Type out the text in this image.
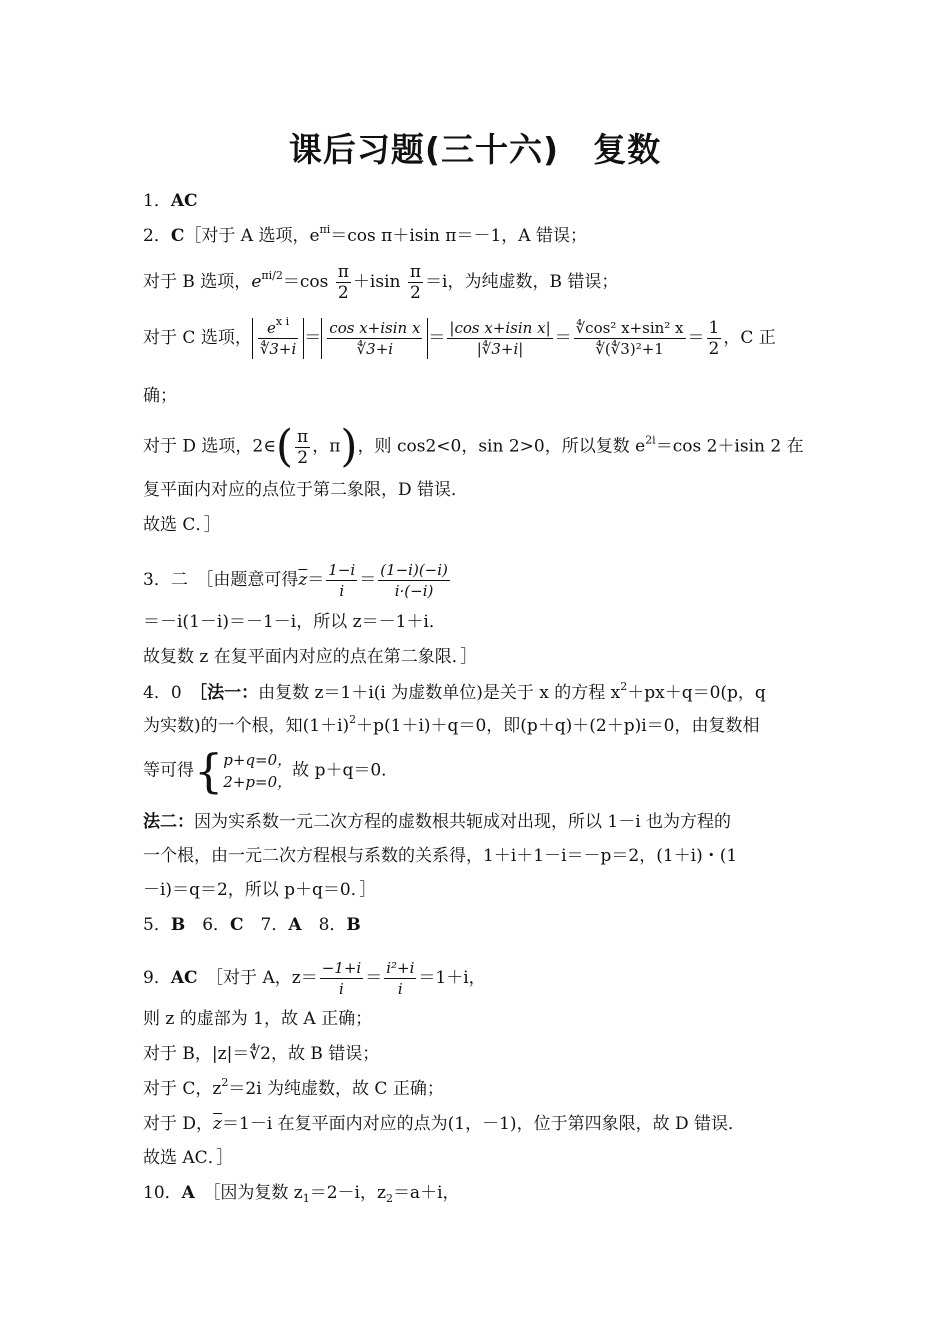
课后习题(三十六)　复数
1．AC
2．C［对于 A 选项，$e^{\pi i}=\cos$ π＋isin π＝－1，A 错误；
对于 B 选项，$e^{\pi i/2}=\cos \frac{\pi}{2} +isin \frac{\pi}{2} =i$，为纯虚数，B 错误；
对于 C 选项， $\frac{e^{x i}}{∜3+i} = \frac{\text{cos x+isin x}}{∜3+i} = \frac{\text{|cos x+isin x|}}{|∜3+i|} = \frac{\text{∜cos² x+sin² x}}{\text{∜(∜3)²+1}} = \frac{1}{2}$ ，C 正
确；
对于 D 选项，2∈( $\frac{\pi}{2}$ ，π)，则 cos2<0，sin 2>0，所以复数 $e^{2i}=\cos$ 2＋isin 2 在
复平面内对应的点位于第二象限，D 错误．
故选 C．］
3．二　［由题意可得$\overline{z}= \frac{1-i}{i} = \frac{(1-i)(-i)}{i\cdot(-i)}$
＝－i(1－i)＝－1－i，所以 z＝－1＋i．
故复数 z 在复平面内对应的点在第二象限．］
4．0　［法一：由复数 z＝1＋i(i 为虚数单位)是关于 x 的方程 $x^2+px+q=0(p$，q
为实数)的一个根，知$(1+i)^2+p(1+i)+q=0$，即(p＋q)＋(2＋p)i＝0，由复数相
等可得{ p+q=0，
2+p=0，
故 p＋q＝0．
法二：因为实系数一元二次方程的虚数根共轭成对出现，所以 1－i 也为方程的
一个根，由一元二次方程根与系数的关系得，1＋i＋1－i＝－p＝2，(1＋i)・(1
－i)＝q＝2，所以 p＋q＝0．］
5．B　6．C　7．A　8．B
9．AC　［对于 A，$z= \frac{-1+i}{i} = \frac{\text{i²+i}}{i} =1+i$，
则 z 的虚部为 1，故 A 正确；
对于 B，|z|＝∜2，故 B 错误；
对于 C，$z^2=2i$ 为纯虚数，故 C 正确；
对于 D，$\overline{z}=1-i$ 在复平面内对应的点为(1，－1)，位于第四象限，故 D 错误．
故选 AC．］
10．A　［因为复数 $z_1=2-i$，$z_2=a+i$，
